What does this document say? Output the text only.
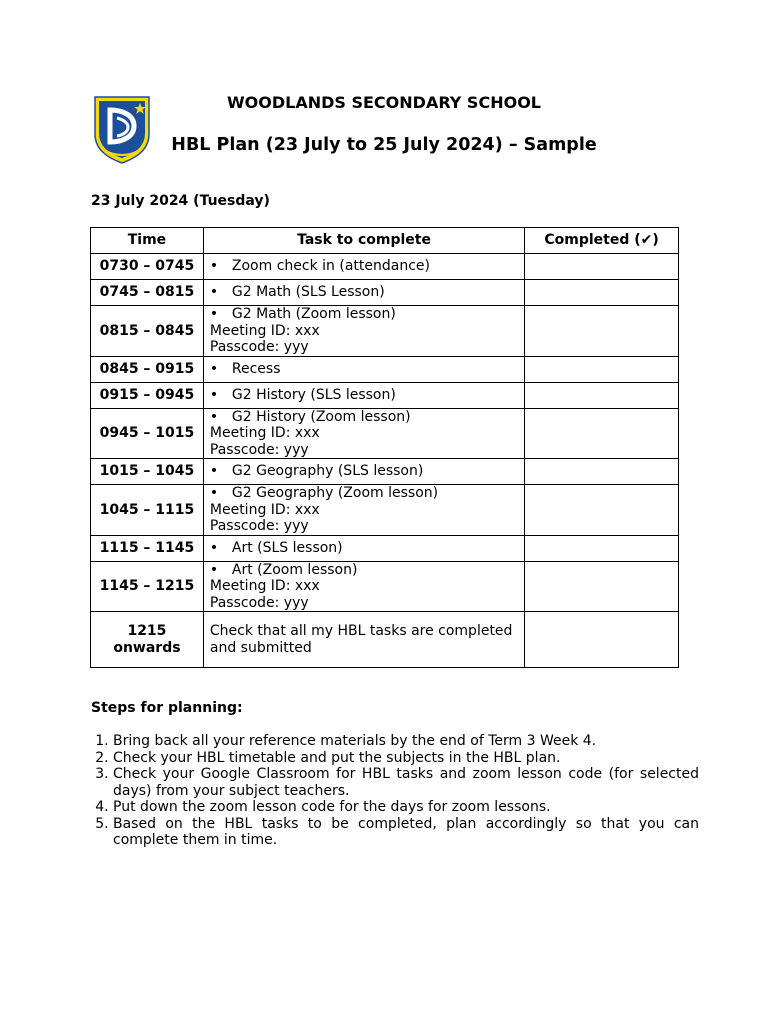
WOODLANDS SECONDARY SCHOOL
HBL Plan (23 July to 25 July 2024) – Sample
23 July 2024 (Tuesday)
Time	Task to complete	Completed (✔)
0730 – 0745	• Zoom check in (attendance)	
0745 – 0815	• G2 Math (SLS Lesson)	
0815 – 0845	• G2 Math (Zoom lesson)
Meeting ID: xxx
Passcode: yyy	

0845 – 0915	• Recess	
0915 – 0945	• G2 History (SLS lesson)	
0945 – 1015	• G2 History (Zoom lesson)
Meeting ID: xxx
Passcode: yyy	

1015 – 1045	• G2 Geography (SLS lesson)	
1045 – 1115	• G2 Geography (Zoom lesson)
Meeting ID: xxx
Passcode: yyy	

1115 – 1145	• Art (SLS lesson)	
1145 – 1215	• Art (Zoom lesson)
Meeting ID: xxx
Passcode: yyy	

1215
onwards	Check that all my HBL tasks are completed and submitted	
Steps for planning:
1. Bring back all your reference materials by the end of Term 3 Week 4.
2. Check your HBL timetable and put the subjects in the HBL plan.
3. Check your Google Classroom for HBL tasks and zoom lesson code (for selected days) from your subject teachers.
4. Put down the zoom lesson code for the days for zoom lessons.
5. Based on the HBL tasks to be completed, plan accordingly so that you can complete them in time.
